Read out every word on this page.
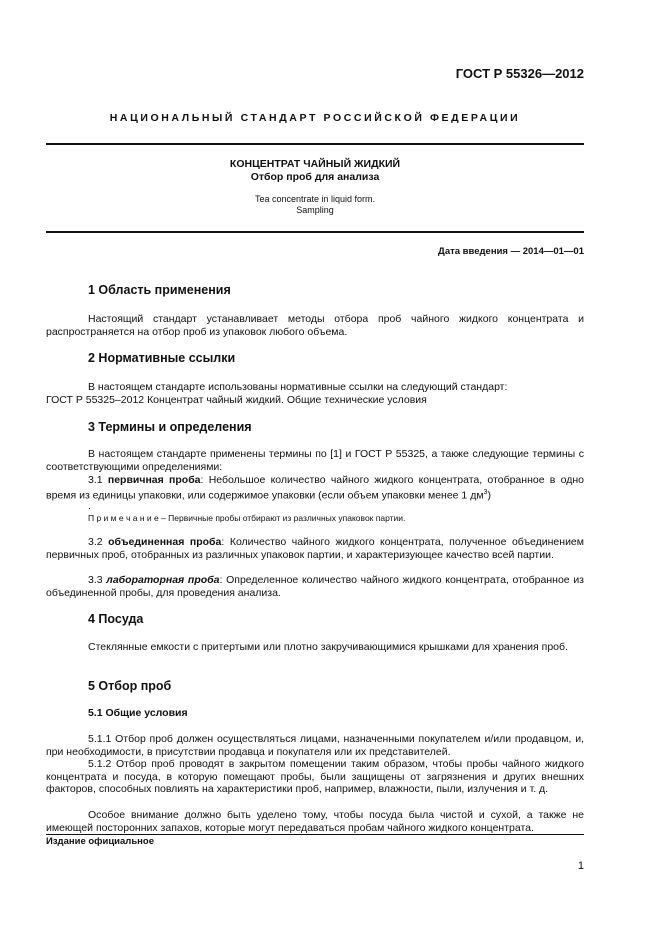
ГОСТ Р 55326—2012
НАЦИОНАЛЬНЫЙ СТАНДАРТ РОССИЙСКОЙ ФЕДЕРАЦИИ
КОНЦЕНТРАТ ЧАЙНЫЙ ЖИДКИЙ
Отбор проб для анализа
Tea concentrate in liquid form.
Sampling
Дата введения — 2014—01—01
1 Область применения
Настоящий стандарт устанавливает методы отбора проб чайного жидкого концентрата и распространяется на отбор проб из упаковок любого объема.
2 Нормативные ссылки
В настоящем стандарте использованы нормативные ссылки на следующий стандарт:
ГОСТ Р 55325–2012 Концентрат чайный жидкий. Общие технические условия
3 Термины и определения
В настоящем стандарте применены термины по [1] и ГОСТ Р 55325, а также следующие термины с соответствующими определениями:
3.1 первичная проба: Небольшое количество чайного жидкого концентрата, отобранное в одно время из единицы упаковки, или содержимое упаковки (если объем упаковки менее 1 $дм^3$)
.
П р и м е ч а н и е – Первичные пробы отбирают из различных упаковок партии.
3.2 объединенная проба: Количество чайного жидкого концентрата, полученное объединением первичных проб, отобранных из различных упаковок партии, и характеризующее качество всей партии.
3.3 лабораторная проба: Определенное количество чайного жидкого концентрата, отобранное из объединенной пробы, для проведения анализа.
4 Посуда
Стеклянные емкости с притертыми или плотно закручивающимися крышками для хранения проб.
5 Отбор проб
5.1 Общие условия
5.1.1 Отбор проб должен осуществляться лицами, назначенными покупателем и/или продавцом, и, при необходимости, в присутствии продавца и покупателя или их представителей.
5.1.2 Отбор проб проводят в закрытом помещении таким образом, чтобы пробы чайного жидкого концентрата и посуда, в которую помещают пробы, были защищены от загрязнения и других внешних факторов, способных повлиять на характеристики проб, например, влажности, пыли, излучения и т. д.
Особое внимание должно быть уделено тому, чтобы посуда была чистой и сухой, а также не имеющей посторонних запахов, которые могут передаваться пробам чайного жидкого концентрата.
Издание официальное
1
